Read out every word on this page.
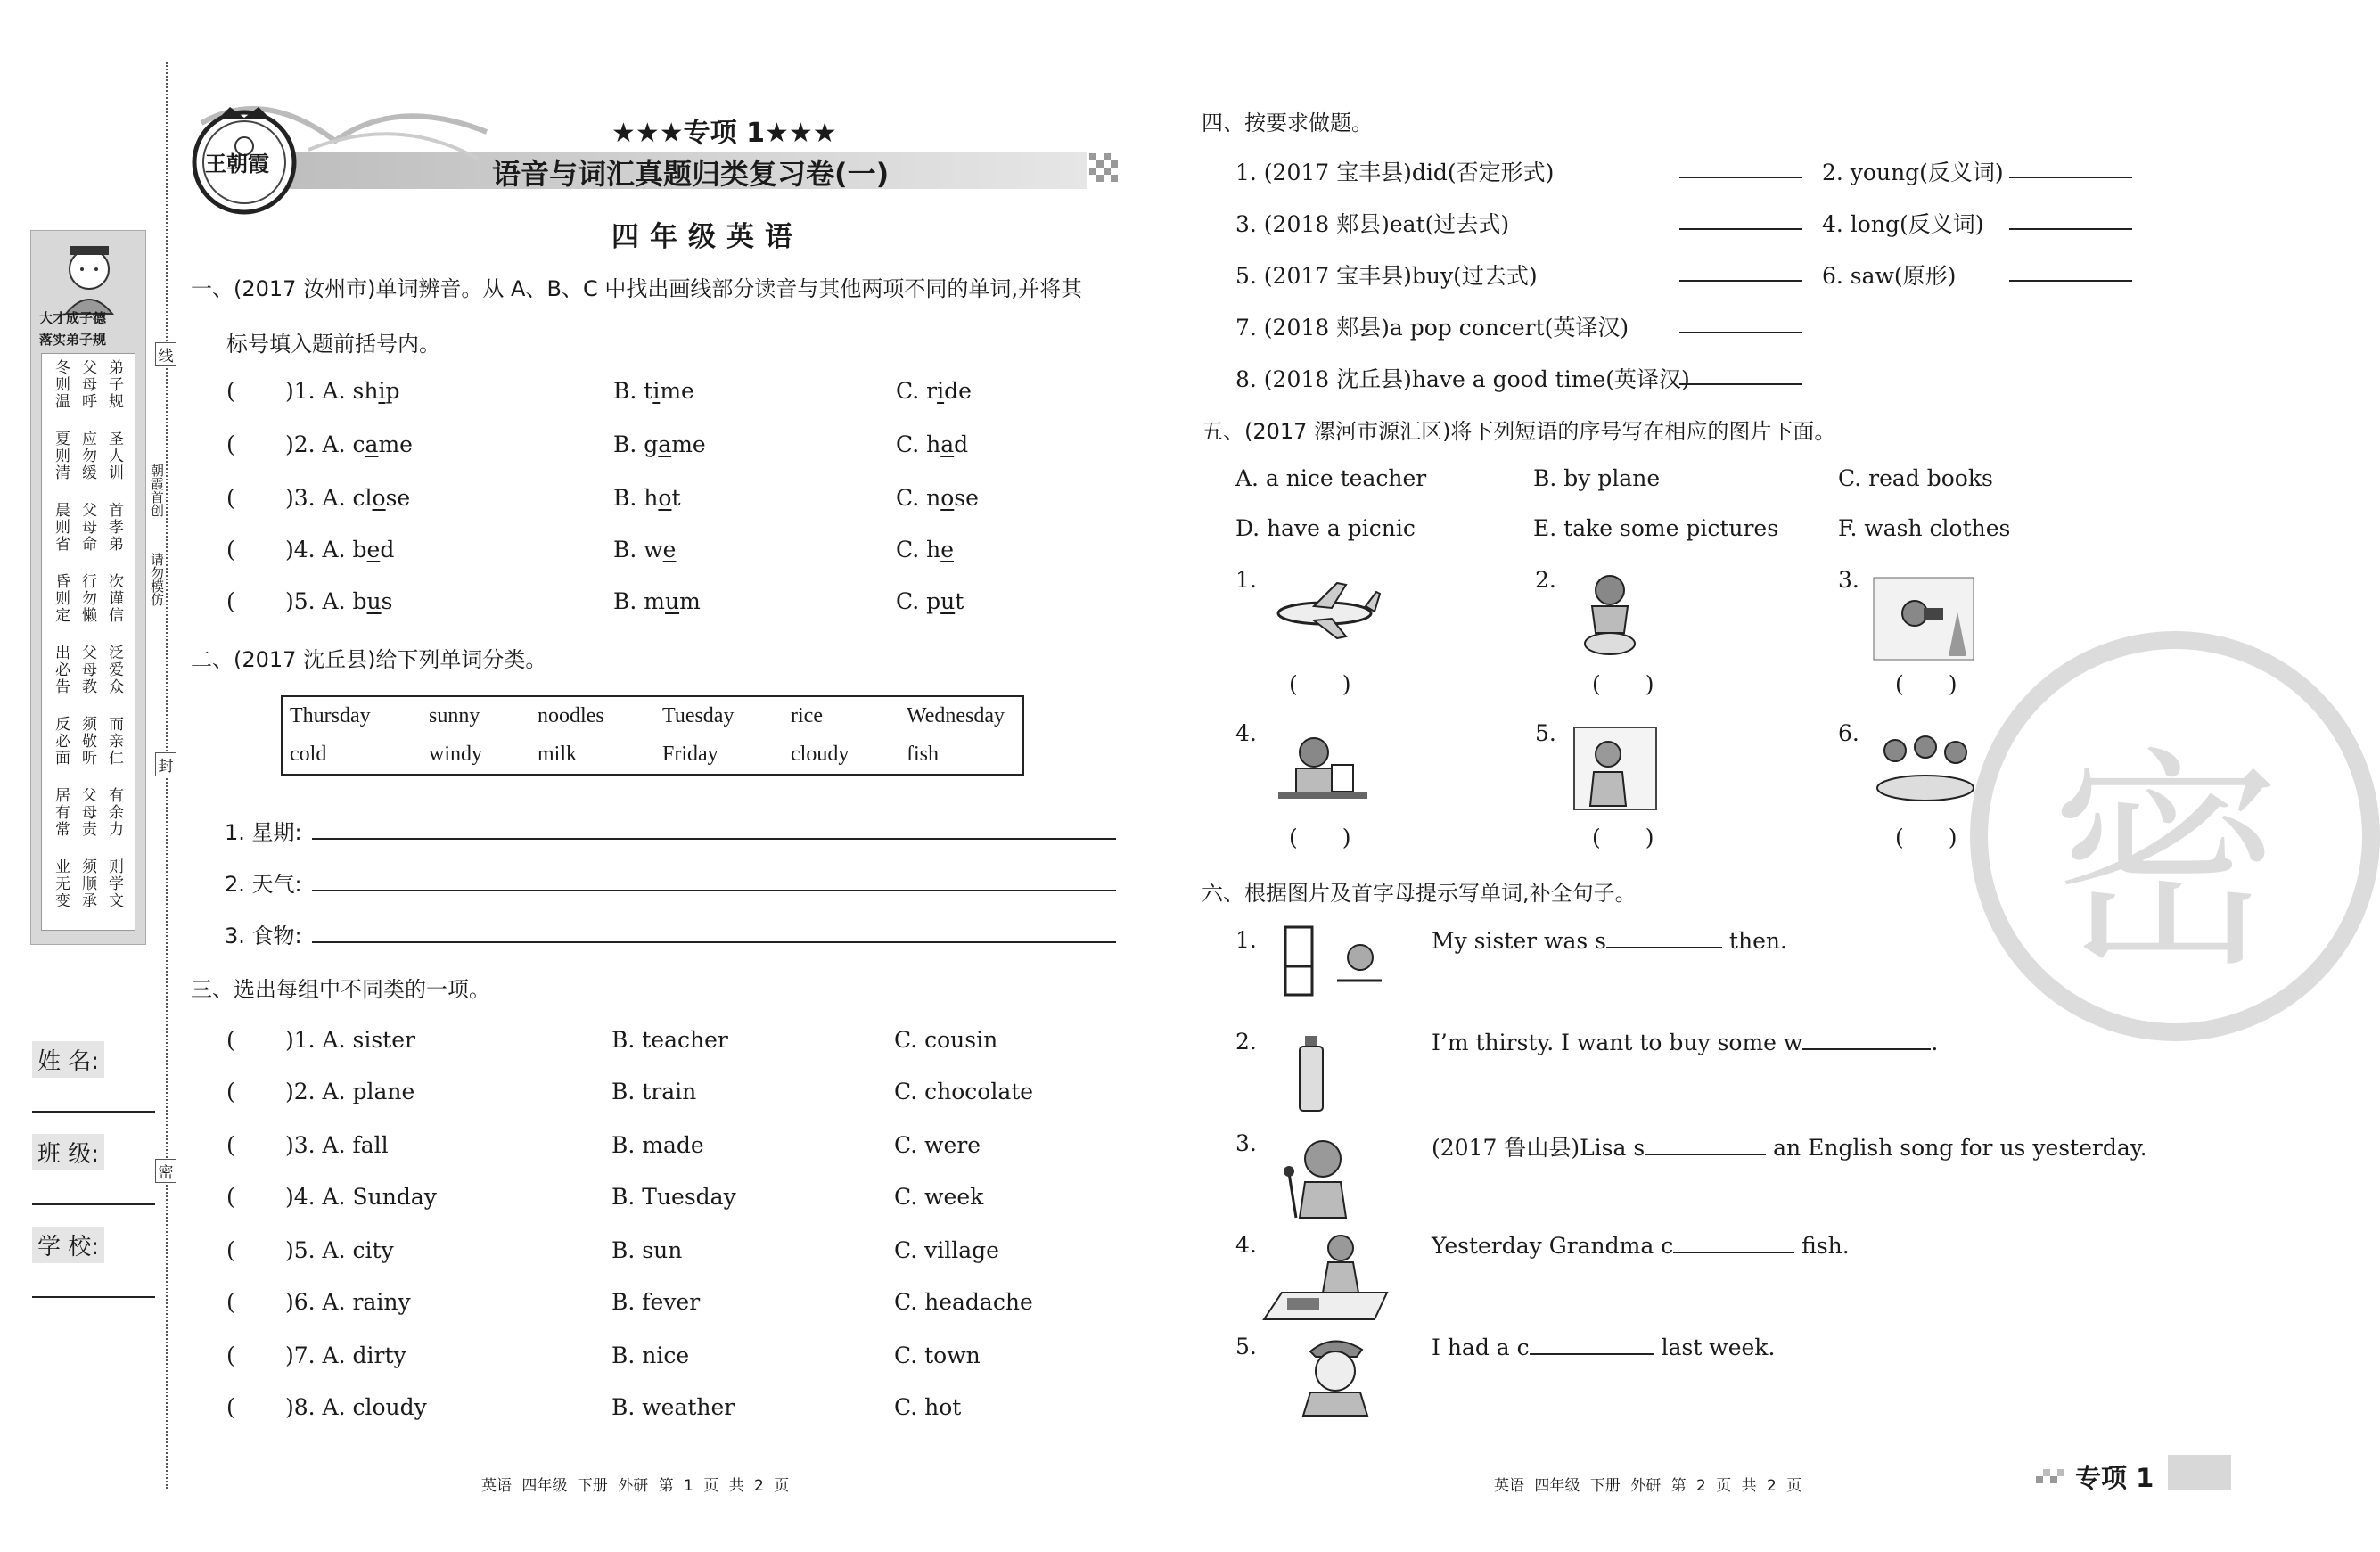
大才成子德
落实弟子规
冬则温 父母呼 弟子规
夏则清 应勿缓 圣人训
晨则省 父母命 首孝弟
昏则定 行勿懒 次谨信
出必告 父母教 泛爱众
反必面 须敬听 而亲仁
居有常 父母责 有余力
业无变 须顺承 则学文
线
封
密
朝霞首创
请勿模仿
姓 名:
班 级:
学 校:
王朝霞
★★★专项 1★★★
语音与词汇真题归类复习卷(一)
四年级英语
一、(2017 汝州市)单词辨音。从 A、B、C 中找出画线部分读音与其他两项不同的单词,并将其
标号填入题前括号内。
( )1. A. ship	B. time	C. ride
( )2. A. came	B. game	C. had
( )3. A. close	B. hot	C. nose
( )4. A. bed	B. we	C. he
( )5. A. bus	B. mum	C. put
二、(2017 沈丘县)给下列单词分类。
Thursday	sunny	noodles	Tuesday	rice	Wednesday
cold	windy	milk	Friday	cloudy	fish
1. 星期:
2. 天气:
3. 食物:
三、选出每组中不同类的一项。
( )1. A. sister	B. teacher	C. cousin
( )2. A. plane	B. train	C. chocolate
( )3. A. fall	B. made	C. were
( )4. A. Sunday	B. Tuesday	C. week
( )5. A. city	B. sun	C. village
( )6. A. rainy	B. fever	C. headache
( )7. A. dirty	B. nice	C. town
( )8. A. cloudy	B. weather	C. hot
英语 四年级 下册 外研 第 1 页 共 2 页
密
四、按要求做题。
1. (2017 宝丰县)did(否定形式)	2. young(反义词)
3. (2018 郏县)eat(过去式)	4. long(反义词)
5. (2017 宝丰县)buy(过去式)	6. saw(原形)
7. (2018 郏县)a pop concert(英译汉)
8. (2018 沈丘县)have a good time(英译汉)
五、(2017 漯河市源汇区)将下列短语的序号写在相应的图片下面。
A. a nice teacher	B. by plane	C. read books
D. have a picnic	E. take some pictures	F. wash clothes
1.
(　　)
2.
(　　)
3.
(　　)
4.
(　　)
5.
(　　)
6.
(　　)
六、根据图片及首字母提示写单词,补全句子。
1.	My sister was s	then.
2.	I’m thirsty. I want to buy some w	.
3.	(2017 鲁山县)Lisa s	an English song for us yesterday.
4.	Yesterday Grandma c	fish.
5.	I had a c	last week.
英语 四年级 下册 外研 第 2 页 共 2 页	专项 1
